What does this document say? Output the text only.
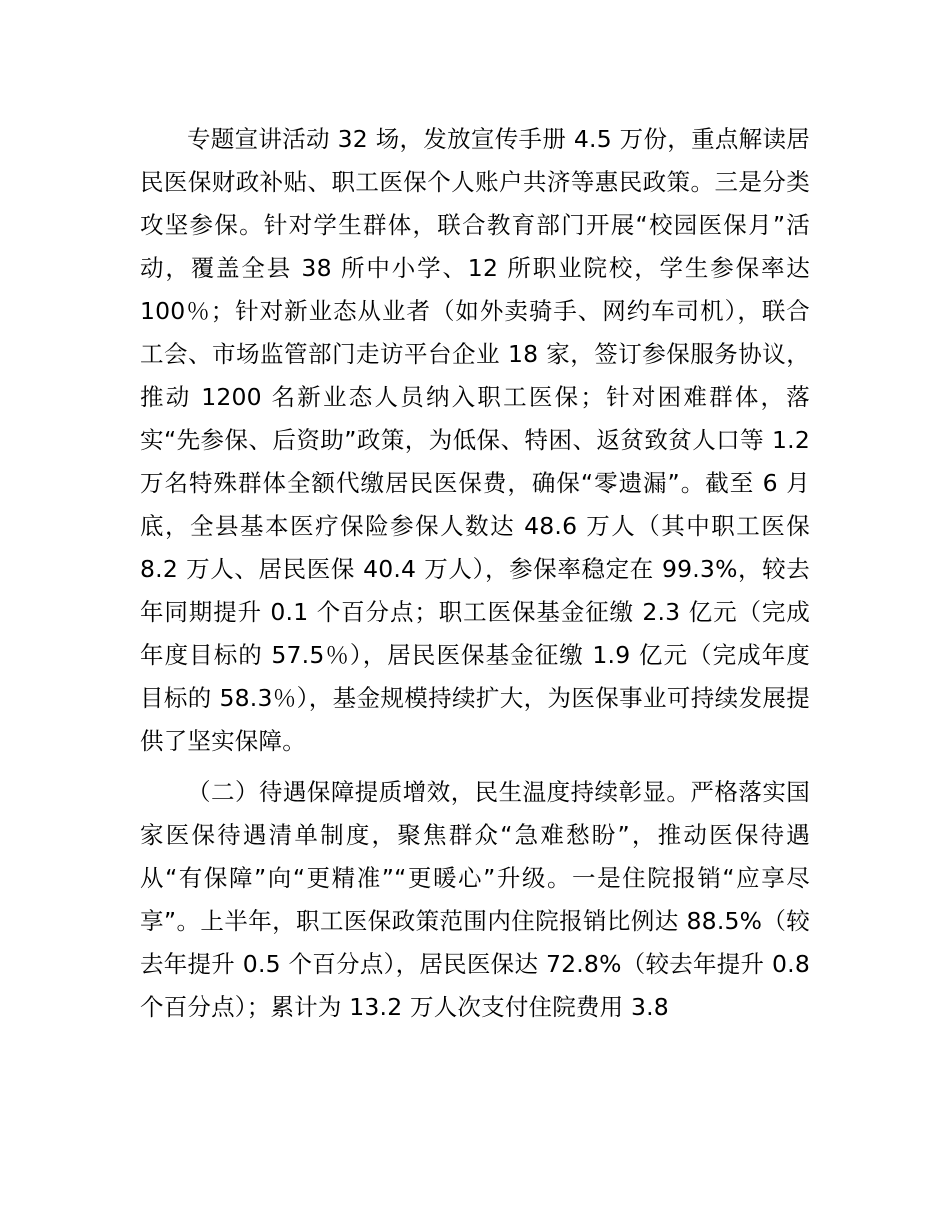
专题宣讲活动 32 场，发放宣传手册 4.5 万份，重点解读居民医保财政补贴、职工医保个人账户共济等惠民政策。三是分类攻坚参保。针对学生群体，联合教育部门开展“校园医保月”活动，覆盖全县 38 所中小学、12 所职业院校，学生参保率达 100％；针对新业态从业者（如外卖骑手、网约车司机），联合工会、市场监管部门走访平台企业 18 家，签订参保服务协议，推动 1200 名新业态人员纳入职工医保；针对困难群体，落实“先参保、后资助”政策，为低保、特困、返贫致贫人口等 1.2 万名特殊群体全额代缴居民医保费，确保“零遗漏”。截至 6 月底，全县基本医疗保险参保人数达 48.6 万人（其中职工医保 8.2 万人、居民医保 40.4 万人），参保率稳定在 99.3%，较去年同期提升 0.1 个百分点；职工医保基金征缴 2.3 亿元（完成年度目标的 57.5％），居民医保基金征缴 1.9 亿元（完成年度目标的 58.3％），基金规模持续扩大，为医保事业可持续发展提供了坚实保障。

（二）待遇保障提质增效，民生温度持续彰显。严格落实国家医保待遇清单制度，聚焦群众“急难愁盼”，推动医保待遇从“有保障”向“更精准”“更暖心”升级。一是住院报销“应享尽享”。上半年，职工医保政策范围内住院报销比例达 88.5%（较去年提升 0.5 个百分点），居民医保达 72.8%（较去年提升 0.8 个百分点）；累计为 13.2 万人次支付住院费用 3.8
